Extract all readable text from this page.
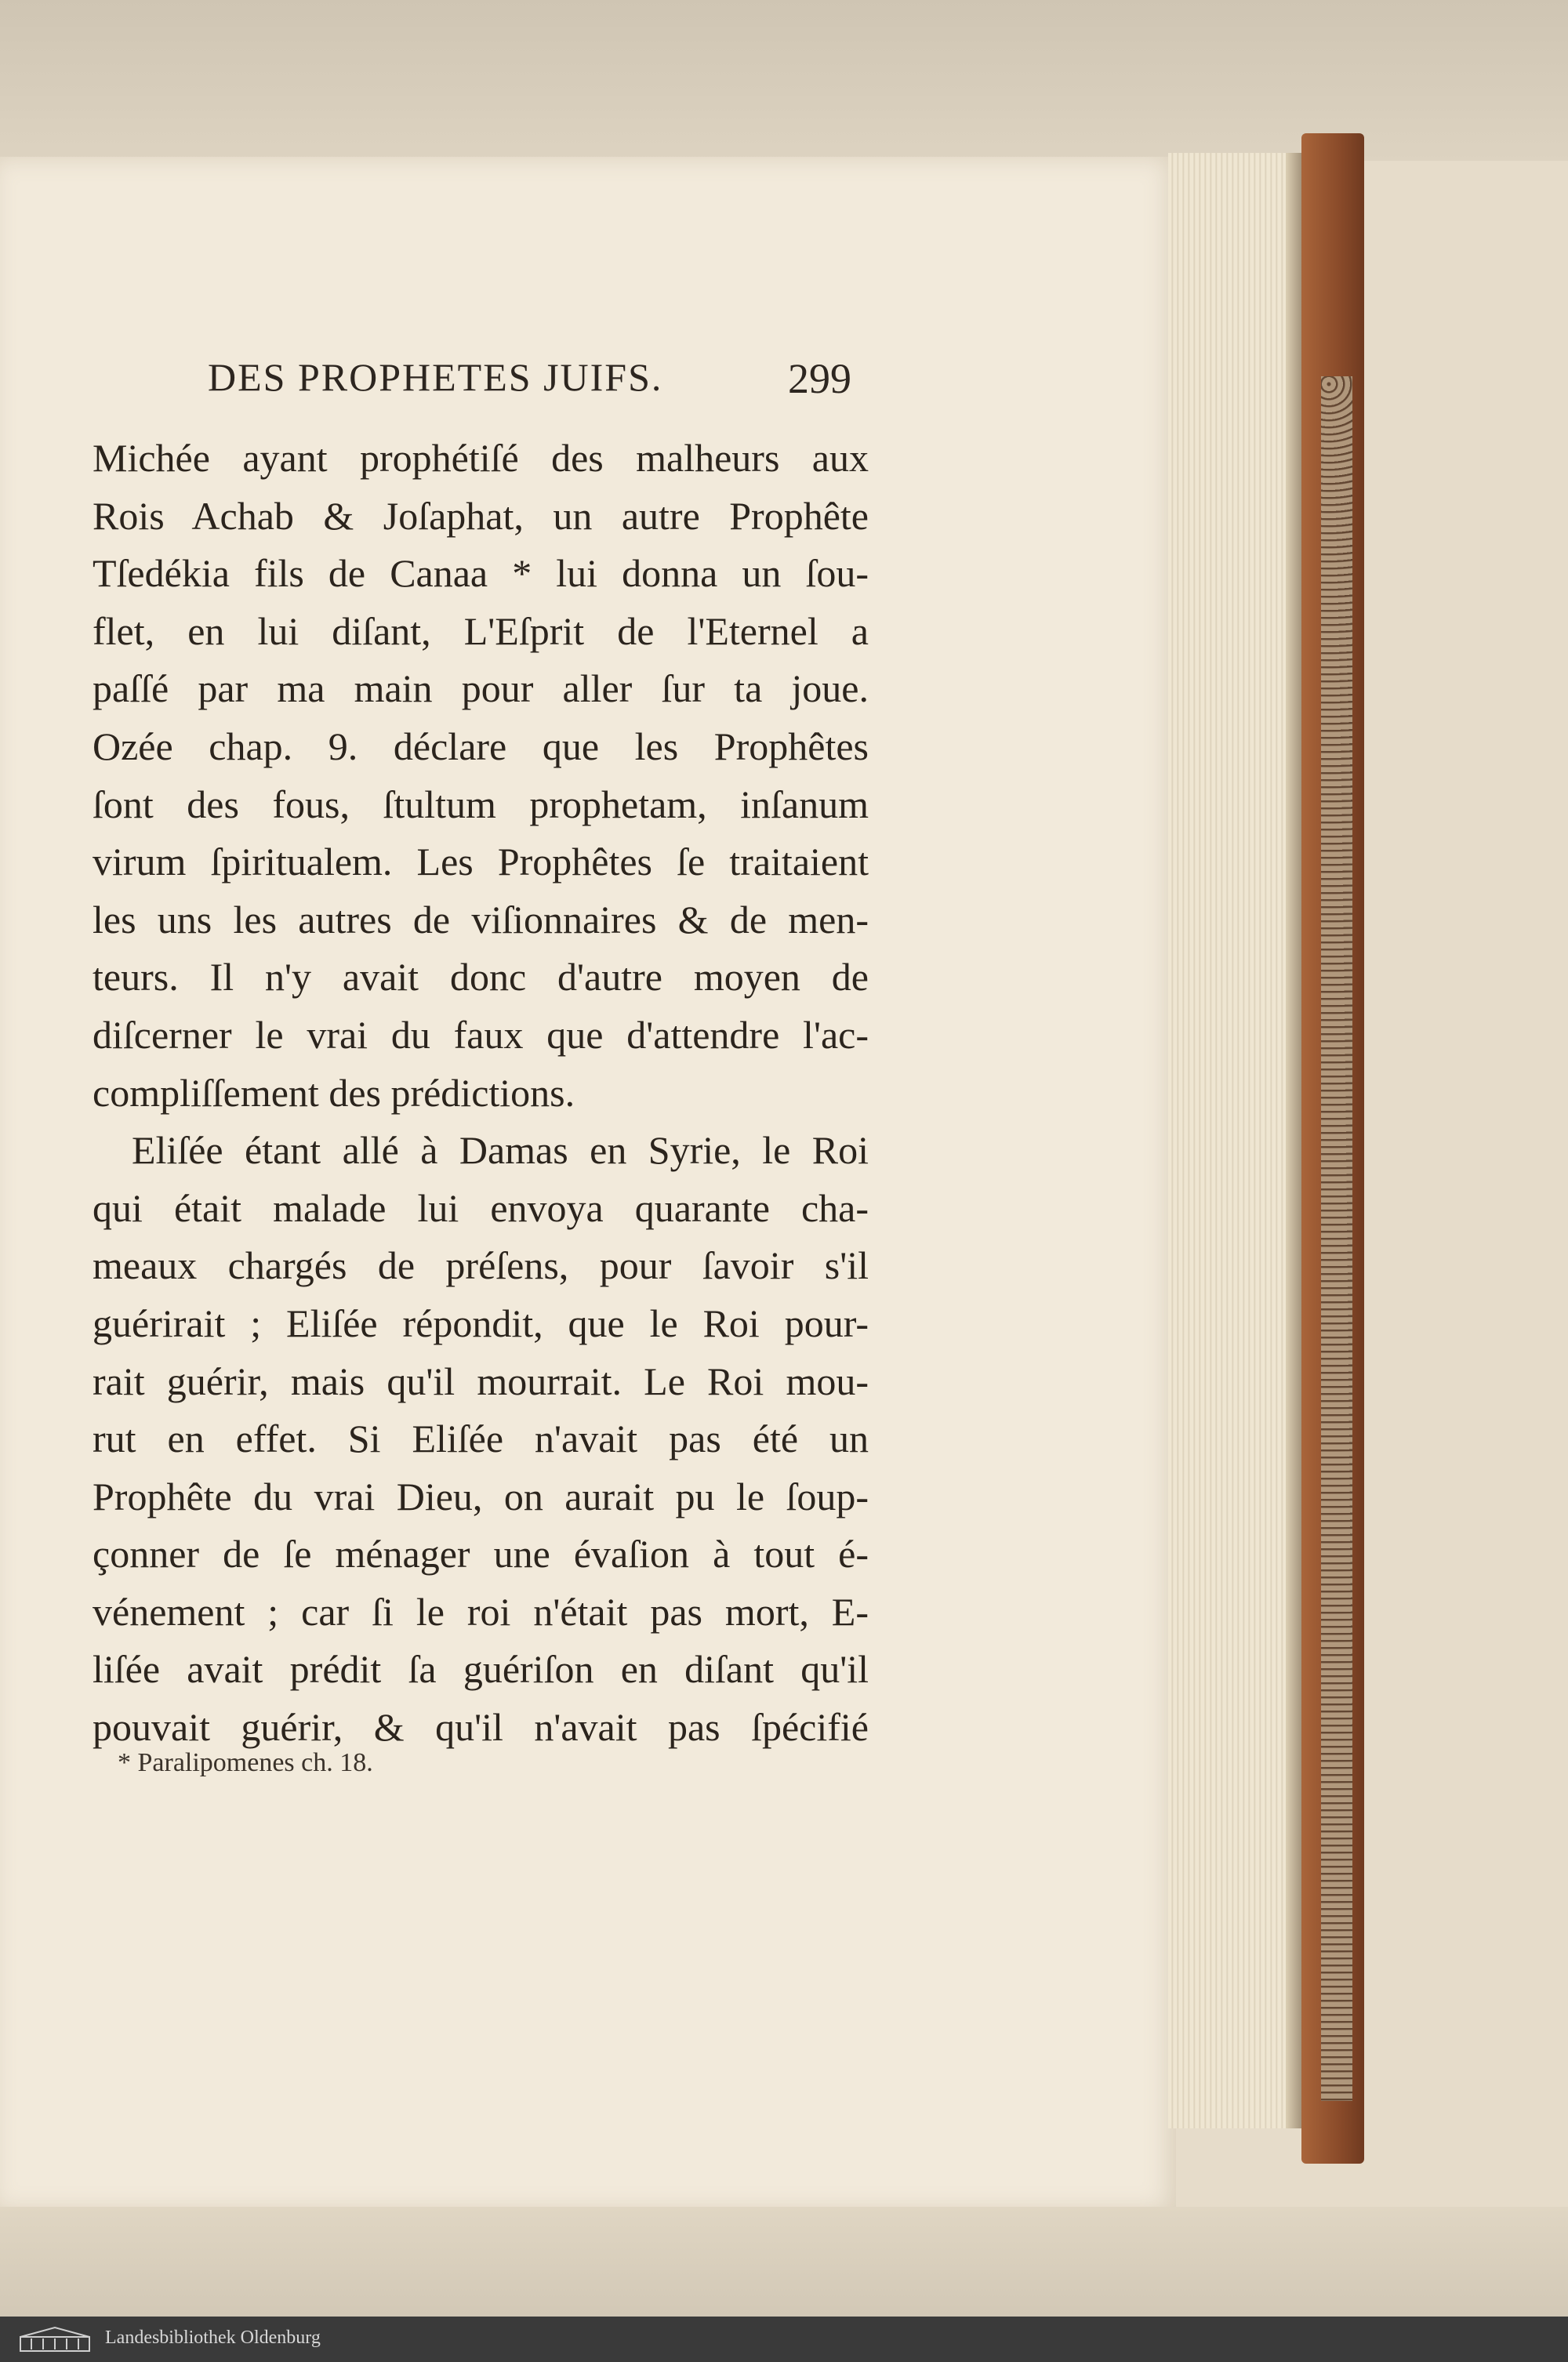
DES PROPHETES JUIFS.	299
Michée ayant prophétiſé des malheurs aux
Rois Achab & Joſaphat, un autre Prophête
Tſedékia fils de Canaa * lui donna un ſou-
flet, en lui diſant, L'Eſprit de l'Eternel a
paſſé par ma main pour aller ſur ta joue.
Ozée chap. 9. déclare que les Prophêtes
ſont des fous, ſtultum prophetam, inſanum
virum ſpiritualem. Les Prophêtes ſe traitaient
les uns les autres de viſionnaires & de men-
teurs. Il n'y avait donc d'autre moyen de
diſcerner le vrai du faux que d'attendre l'ac-
compliſſement des prédictions.
Eliſée étant allé à Damas en Syrie, le Roi
qui était malade lui envoya quarante cha-
meaux chargés de préſens, pour ſavoir s'il
guérirait ; Eliſée répondit, que le Roi pour-
rait guérir, mais qu'il mourrait. Le Roi mou-
rut en effet. Si Eliſée n'avait pas été un
Prophête du vrai Dieu, on aurait pu le ſoup-
çonner de ſe ménager une évaſion à tout é-
vénement ; car ſi le roi n'était pas mort, E-
liſée avait prédit ſa guériſon en diſant qu'il
pouvait guérir, & qu'il n'avait pas ſpécifié
* Paralipomenes ch. 18.
Landesbibliothek Oldenburg
